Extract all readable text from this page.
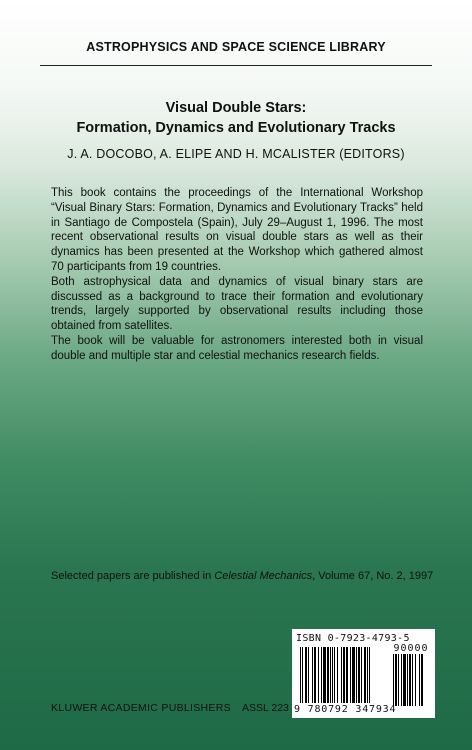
ASTROPHYSICS AND SPACE SCIENCE LIBRARY
Visual Double Stars:
Formation, Dynamics and Evolutionary Tracks
J. A. DOCOBO, A. ELIPE AND H. MCALISTER (EDITORS)

This book contains the proceedings of the International Workshop “Visual Binary Stars: Formation, Dynamics and Evolutionary Tracks” held in Santiago de Compostela (Spain), July 29–August 1, 1996. The most recent observational results on visual double stars as well as their dynamics has been presented at the Workshop which gathered almost 70 participants from 19 countries.

Both astrophysical data and dynamics of visual binary stars are discussed as a background to trace their formation and evolutionary trends, largely supported by observational results including those obtained from satellites.

The book will be valuable for astronomers interested both in visual double and multiple star and celestial mechanics research fields.

Selected papers are published in Celestial Mechanics, Volume 67, No. 2, 1997
ISBN 0-7923-4793-5
90000
9 780792 347934
KLUWER ACADEMIC PUBLISHERS ASSL 223
